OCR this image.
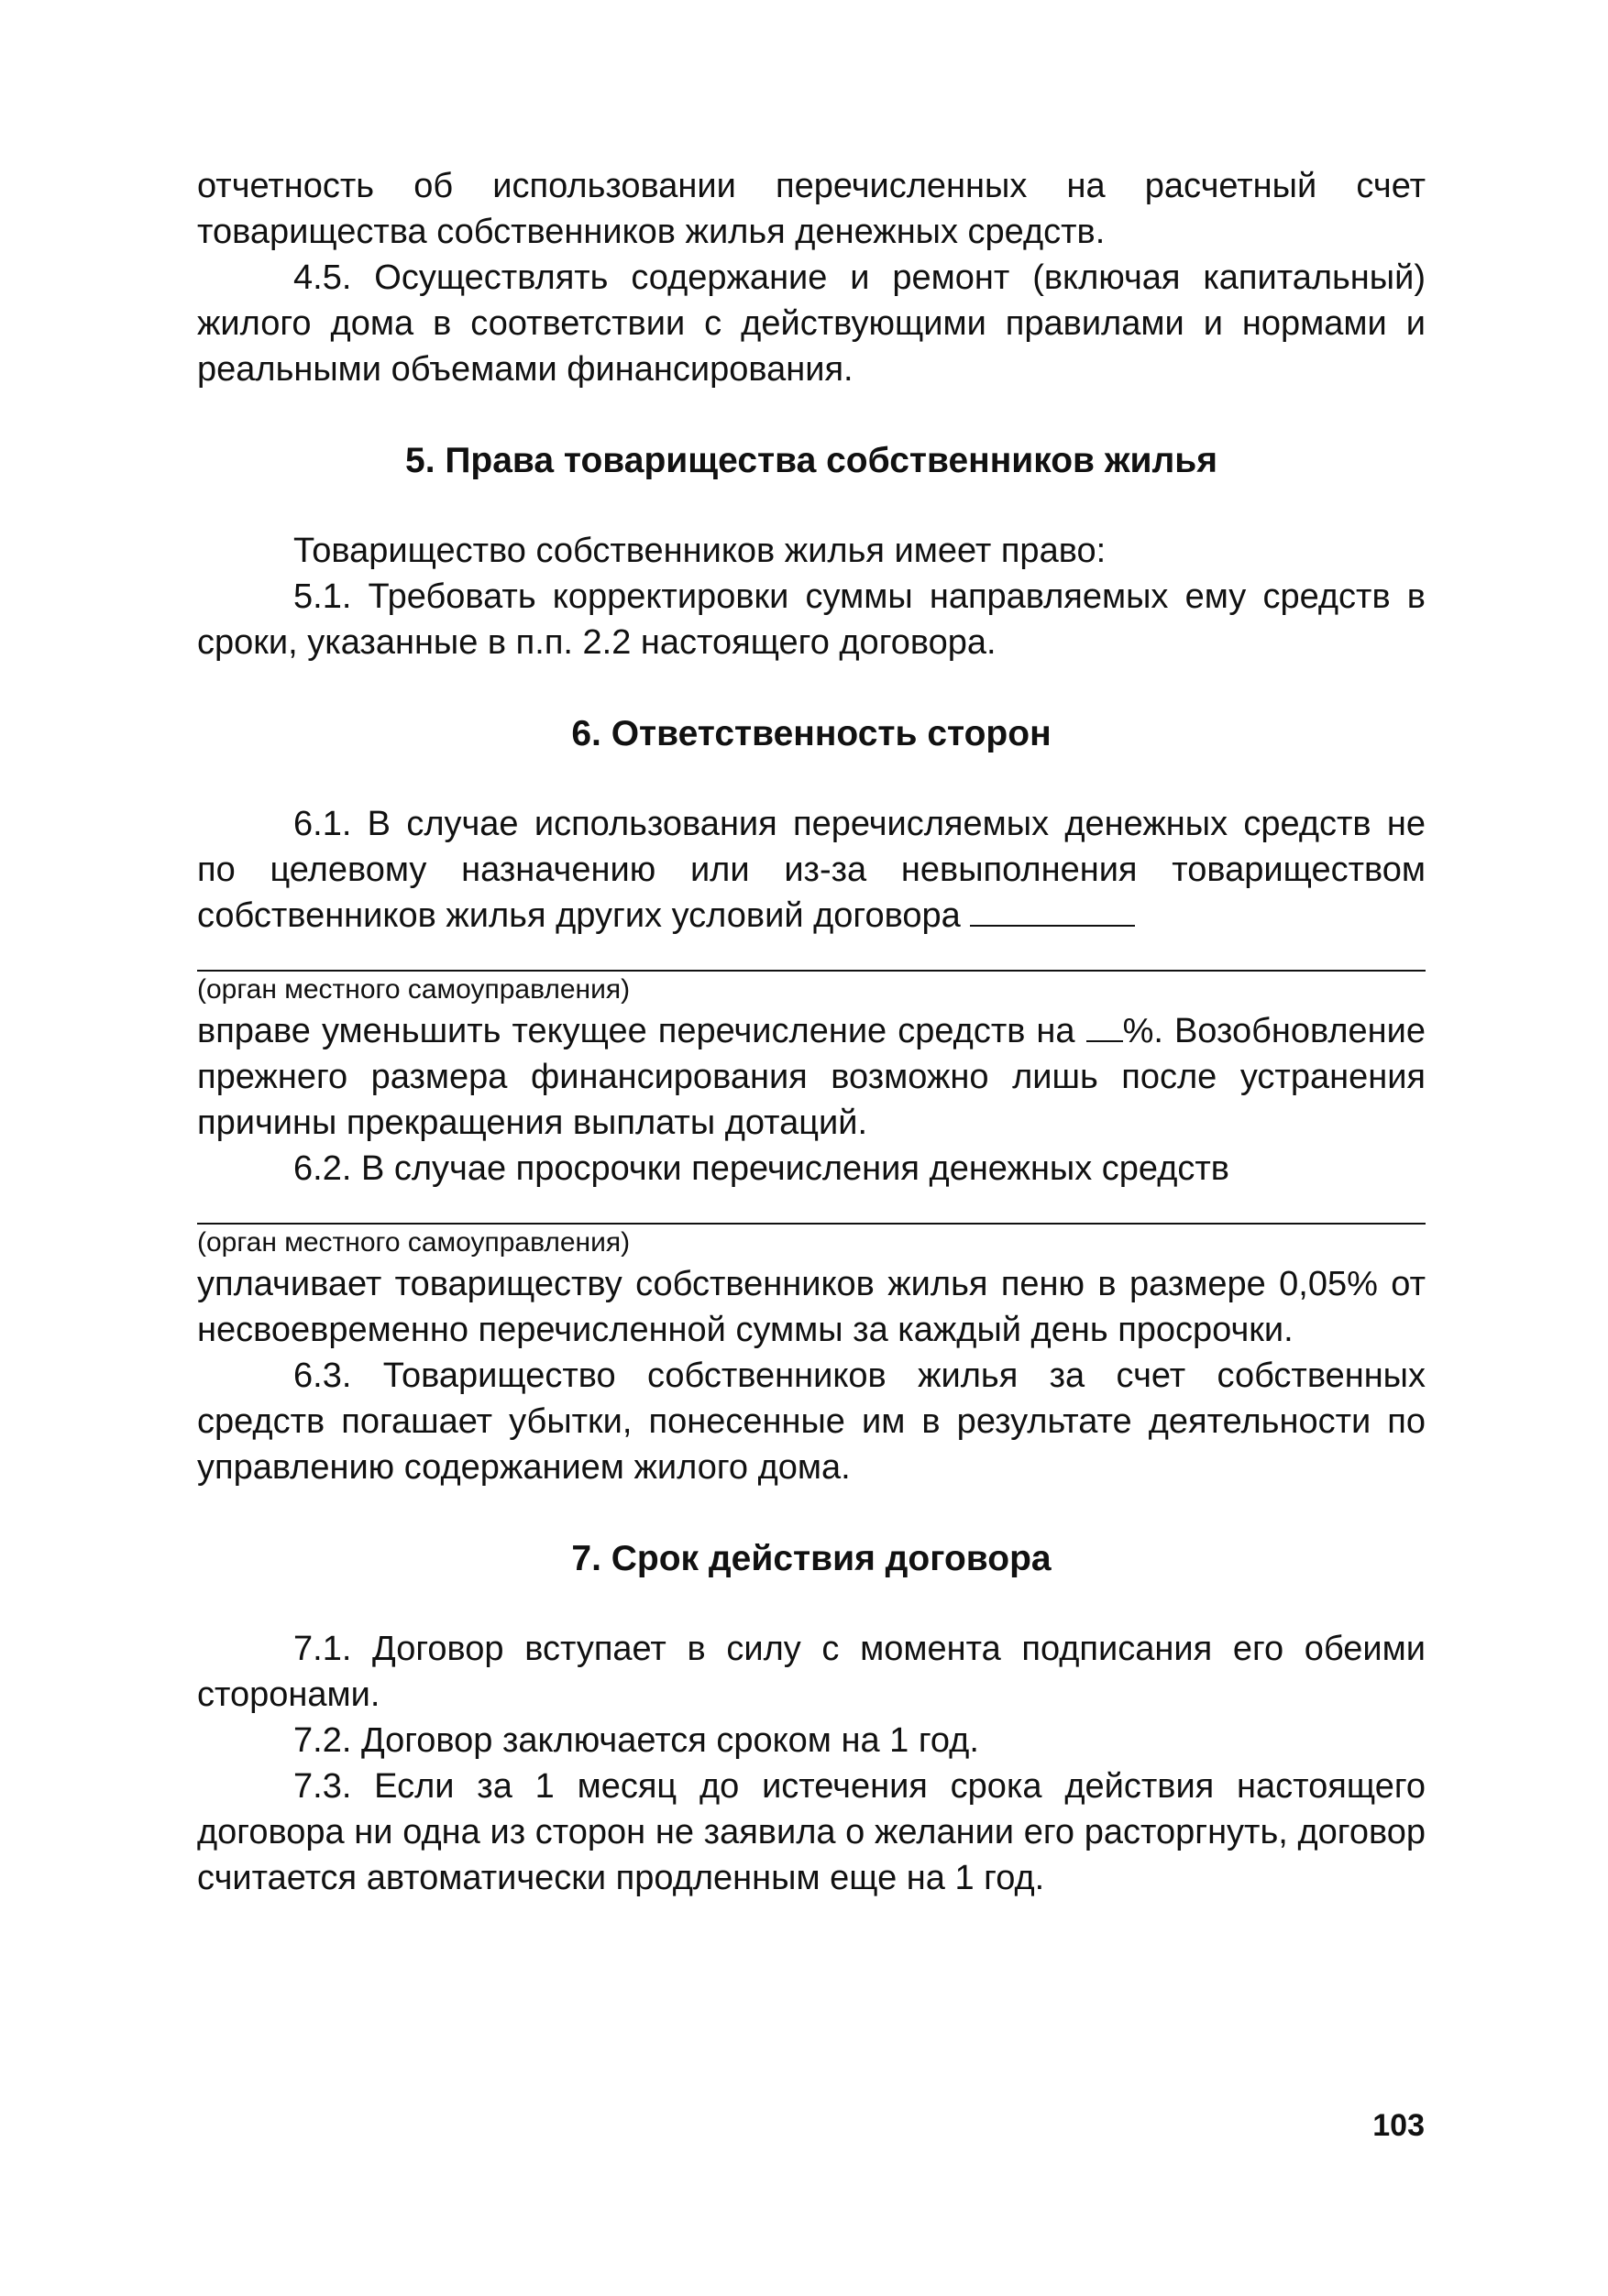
отчетность об использовании перечисленных на расчетный счет товарищества собственников жилья денежных средств.

4.5. Осуществлять содержание и ремонт (включая капитальный) жилого дома в соответствии с действующими правилами и нормами и реальными объемами финансирования.

5. Права товарищества собственников жилья

Товарищество собственников жилья имеет право:

5.1. Требовать корректировки суммы направляемых ему средств в сроки, указанные в п.п. 2.2 настоящего договора.

6. Ответственность сторон

6.1. В случае использования перечисляемых денежных средств не по целевому назначению или из-за невыполнения товариществом собственников жилья других условий договора

(орган местного самоуправления)

вправе уменьшить текущее перечисление средств на %. Возобновление прежнего размера финансирования возможно лишь после устранения причины прекращения выплаты дотаций.

6.2. В случае просрочки перечисления денежных средств

(орган местного самоуправления)

уплачивает товариществу собственников жилья пеню в размере 0,05% от несвоевременно перечисленной суммы за каждый день просрочки.

6.3. Товарищество собственников жилья за счет собственных средств погашает убытки, понесенные им в результате деятельности по управлению содержанием жилого дома.

7. Срок действия договора

7.1. Договор вступает в силу с момента подписания его обеими сторонами.

7.2. Договор заключается сроком на 1 год.

7.3. Если за 1 месяц до истечения срока действия настоящего договора ни одна из сторон не заявила о желании его расторгнуть, договор считается автоматически продленным еще на 1 год.

103
